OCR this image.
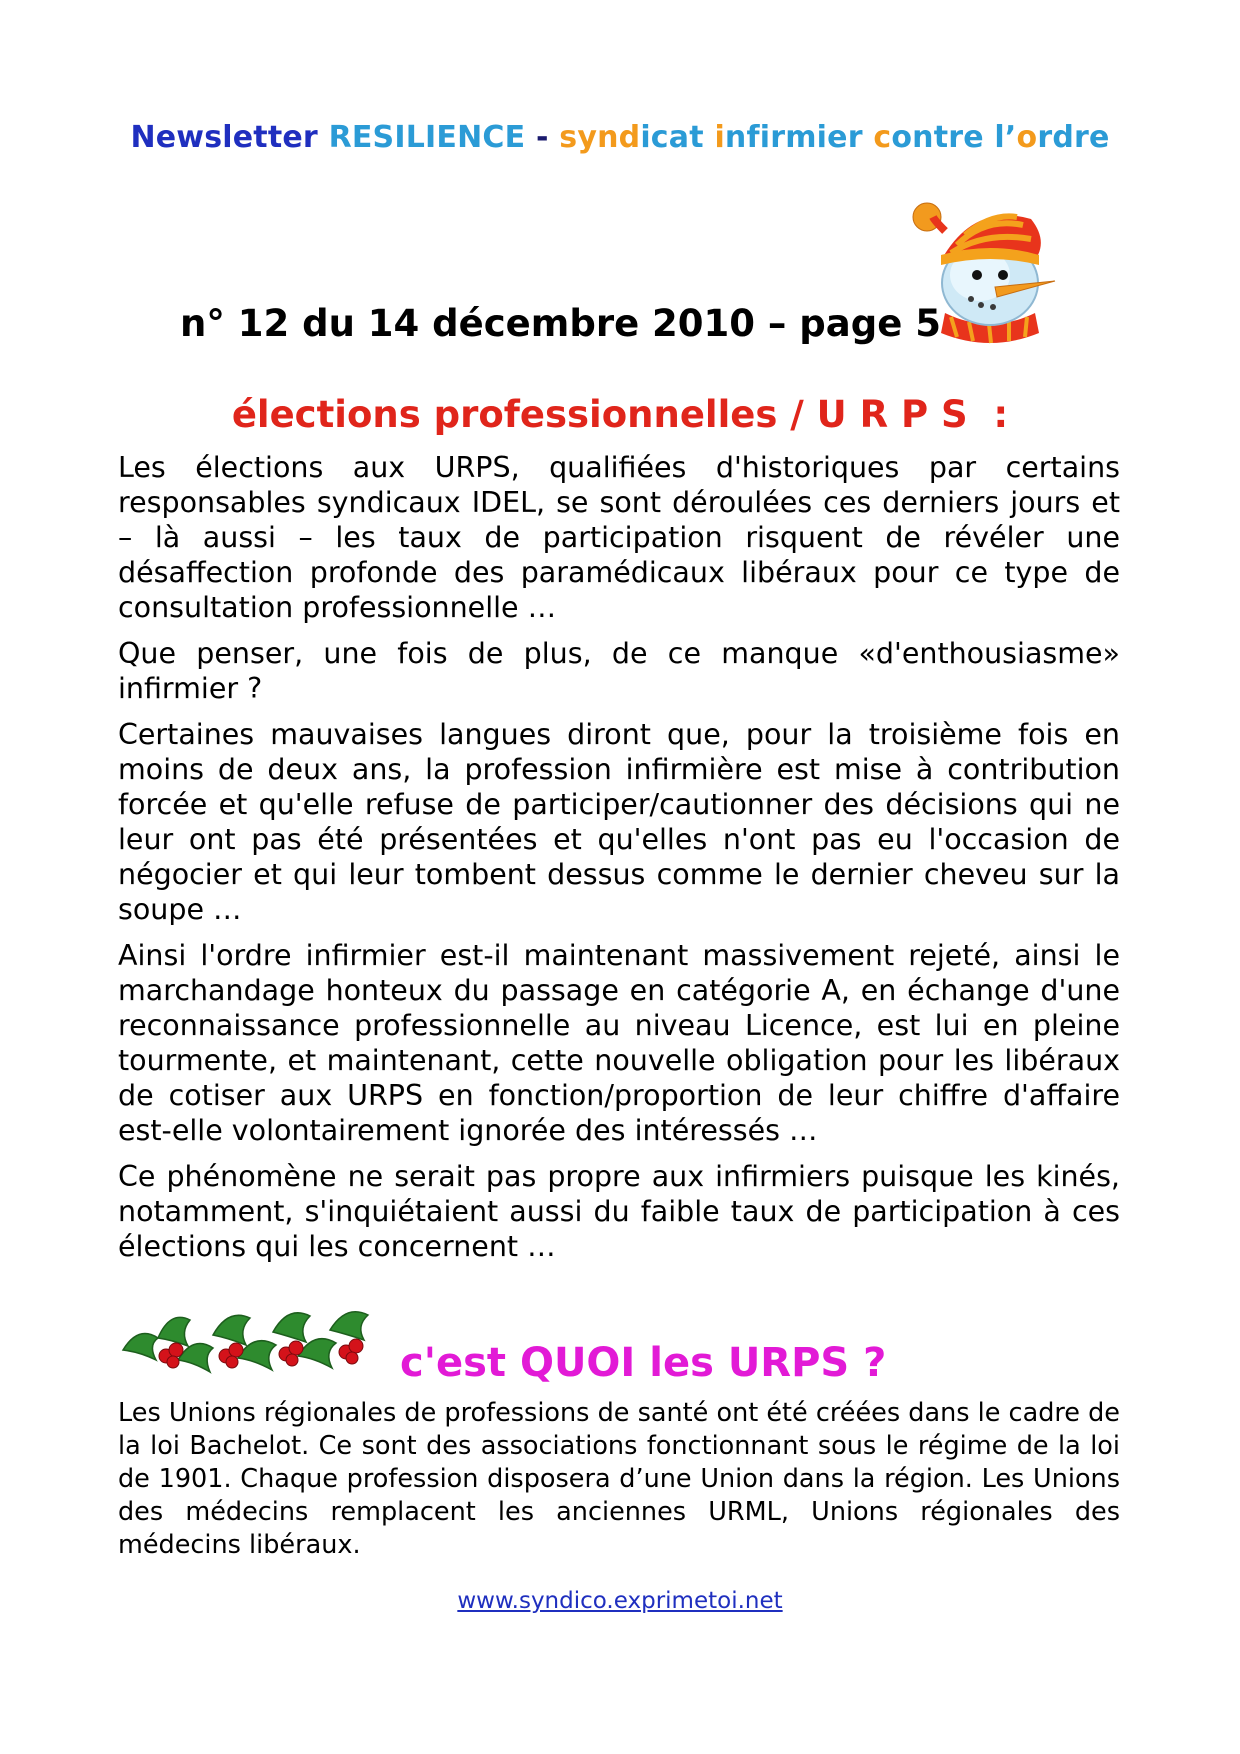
Newsletter RESILIENCE - syndicat infirmier contre l’ordre
n° 12 du 14 décembre 2010 – page 5
élections professionnelles / U R P S  :

Les élections aux URPS, qualifiées d'historiques par certains responsables syndicaux IDEL, se sont déroulées ces derniers jours et – là aussi – les taux de participation risquent de révéler une désaffection profonde des paramédicaux libéraux pour ce type de consultation professionnelle …

Que penser, une fois de plus, de ce manque «d'enthousiasme» infirmier ?

Certaines mauvaises langues diront que, pour la troisième fois en moins de deux ans, la profession infirmière est mise à contribution forcée et qu'elle refuse de participer/cautionner des décisions qui ne leur ont pas été présentées et qu'elles n'ont pas eu l'occasion de négocier et qui leur tombent dessus comme le dernier cheveu sur la soupe …

Ainsi l'ordre infirmier est-il maintenant massivement rejeté, ainsi le marchandage honteux du passage en catégorie A, en échange d'une reconnaissance professionnelle au niveau Licence, est lui en pleine tourmente, et maintenant, cette nouvelle obligation pour les libéraux de cotiser aux URPS en fonction/proportion de leur chiffre d'affaire est-elle volontairement ignorée des intéressés …

Ce phénomène ne serait pas propre aux infirmiers puisque les kinés, notamment, s'inquiétaient aussi du faible taux de participation à ces élections qui les concernent …

c'est QUOI les URPS ?
Les Unions régionales de professions de santé ont été créées dans le cadre de la loi Bachelot. Ce sont des associations fonctionnant sous le régime de la loi de 1901. Chaque profession disposera d’une Union dans la région. Les Unions des médecins remplacent les anciennes URML, Unions régionales des médecins libéraux.
www.syndico.exprimetoi.net
